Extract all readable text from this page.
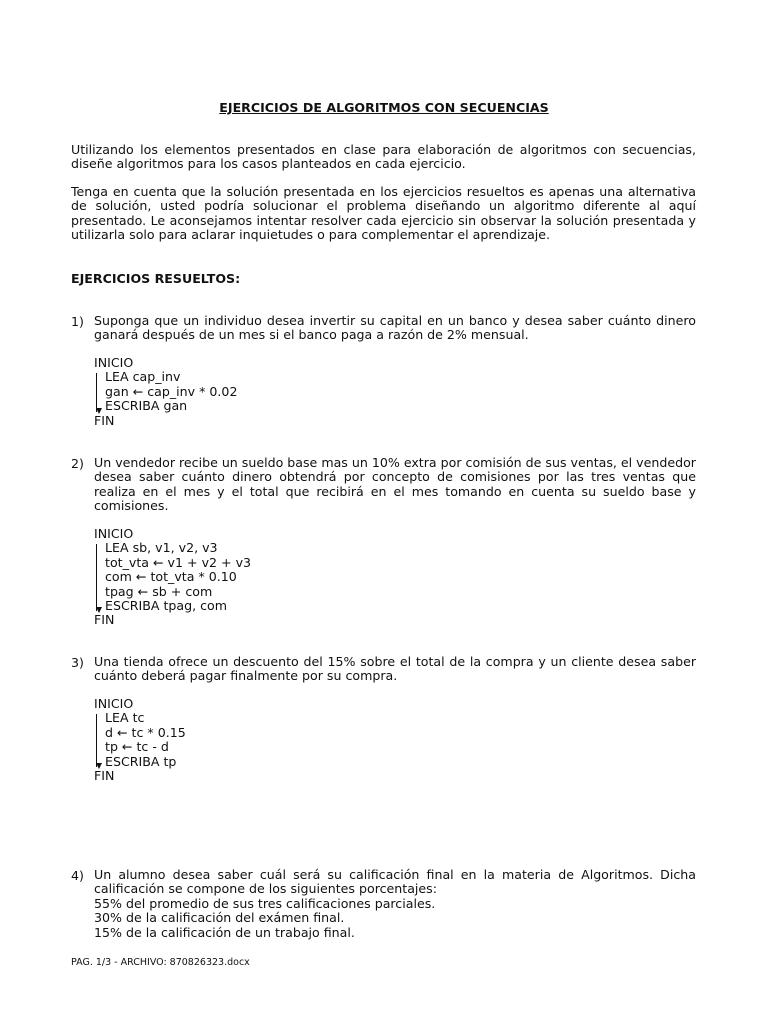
EJERCICIOS DE ALGORITMOS CON SECUENCIAS

Utilizando los elementos presentados en clase para elaboración de algoritmos con secuencias, diseñe algoritmos para los casos planteados en cada ejercicio.

Tenga en cuenta que la solución presentada en los ejercicios resueltos es apenas una alternativa de solución, usted podría solucionar el problema diseñando un algoritmo diferente al aquí presentado. Le aconsejamos intentar resolver cada ejercicio sin observar la solución presentada y utilizarla solo para aclarar inquietudes o para complementar el aprendizaje.

EJERCICIOS RESUELTOS:
1) Suponga que un individuo desea invertir su capital en un banco y desea saber cuánto dinero ganará después de un mes si el banco paga a razón de 2% mensual.
INICIO
LEA cap_inv
gan ← cap_inv * 0.02
ESCRIBA gan
FIN
2) Un vendedor recibe un sueldo base mas un 10% extra por comisión de sus ventas, el vendedor desea saber cuánto dinero obtendrá por concepto de comisiones por las tres ventas que realiza en el mes y el total que recibirá en el mes tomando en cuenta su sueldo base y comisiones.
INICIO
LEA sb, v1, v2, v3
tot_vta ← v1 + v2 + v3
com ← tot_vta * 0.10
tpag ← sb + com
ESCRIBA tpag, com
FIN
3) Una tienda ofrece un descuento del 15% sobre el total de la compra y un cliente desea saber cuánto deberá pagar finalmente por su compra.
INICIO
LEA tc
d ← tc * 0.15
tp ← tc - d
ESCRIBA tp
FIN
4) Un alumno desea saber cuál será su calificación final en la materia de Algoritmos. Dicha calificación se compone de los siguientes porcentajes:
55% del promedio de sus tres calificaciones parciales.
30% de la calificación del exámen final.
15% de la calificación de un trabajo final.
PAG. 1/3 - ARCHIVO: 870826323.docx
